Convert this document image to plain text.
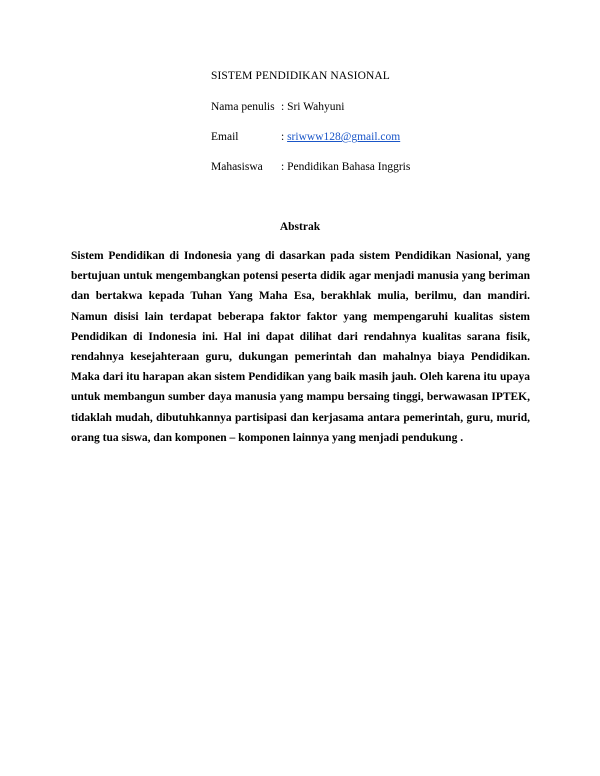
SISTEM PENDIDIKAN NASIONAL
Nama penulis : Sri Wahyuni
Email	: sriwww128@gmail.com
Mahasiswa	: Pendidikan Bahasa Inggris
Abstrak

Sistem Pendidikan di Indonesia yang di dasarkan pada sistem Pendidikan Nasional, yang bertujuan untuk mengembangkan potensi peserta didik agar menjadi manusia yang beriman dan bertakwa kepada Tuhan Yang Maha Esa, berakhlak mulia, berilmu, dan mandiri. Namun disisi lain terdapat beberapa faktor faktor yang mempengaruhi kualitas sistem Pendidikan di Indonesia ini. Hal ini dapat dilihat dari rendahnya kualitas sarana fisik, rendahnya kesejahteraan guru, dukungan pemerintah dan mahalnya biaya Pendidikan. Maka dari itu harapan akan sistem Pendidikan yang baik masih jauh. Oleh karena itu upaya untuk membangun sumber daya manusia yang mampu bersaing tinggi, berwawasan IPTEK, tidaklah mudah, dibutuhkannya partisipasi dan kerjasama antara pemerintah, guru, murid, orang tua siswa, dan komponen – komponen lainnya yang menjadi pendukung .
